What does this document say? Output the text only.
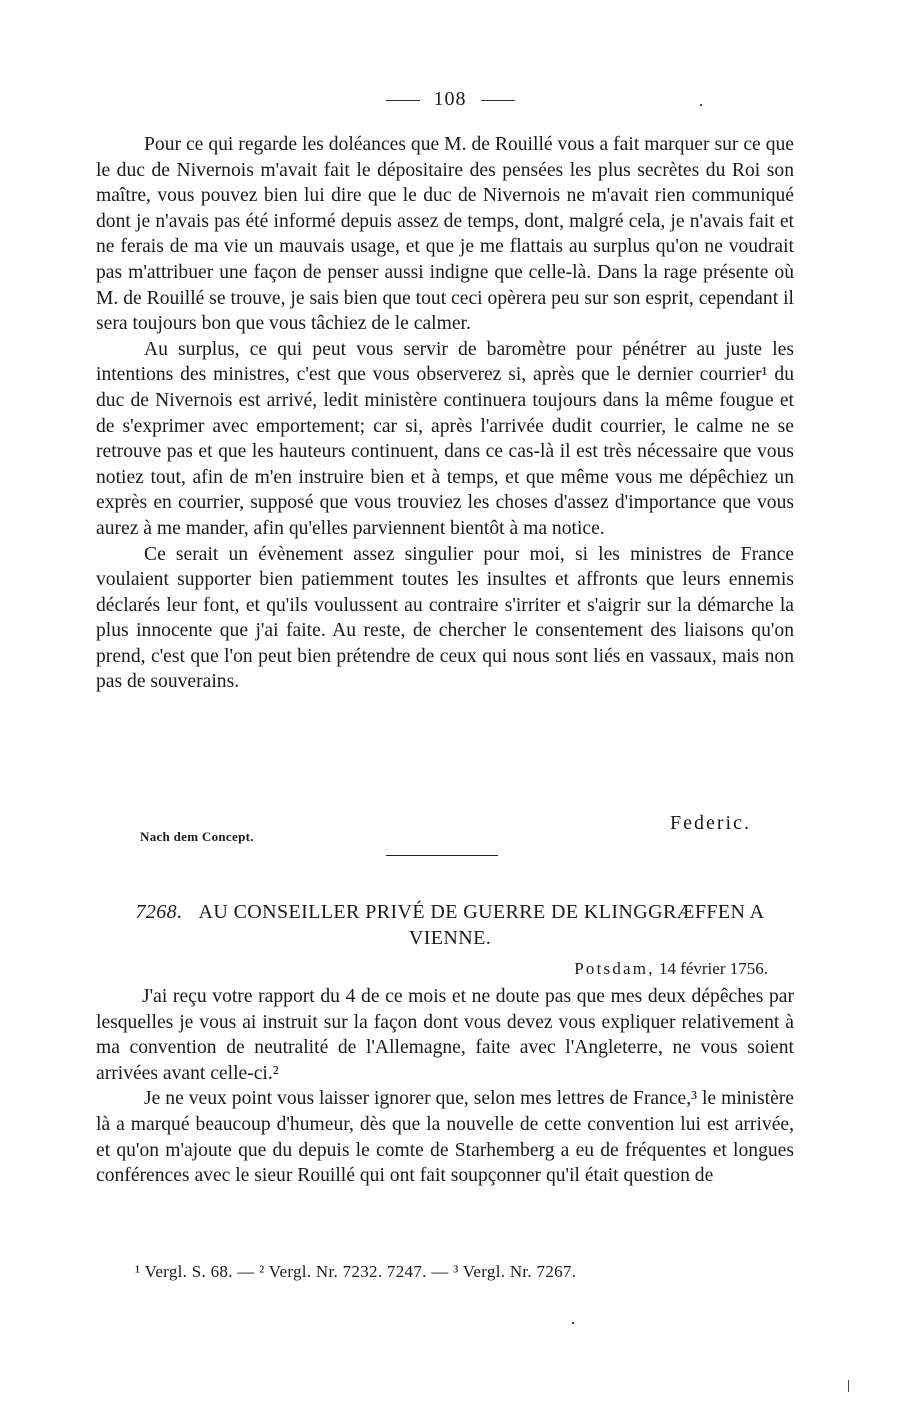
108

Pour ce qui regarde les doléances que M. de Rouillé vous a fait marquer sur ce que le duc de Nivernois m'avait fait le dépositaire des pensées les plus secrètes du Roi son maître, vous pouvez bien lui dire que le duc de Nivernois ne m'avait rien communiqué dont je n'avais pas été informé depuis assez de temps, dont, malgré cela, je n'avais fait et ne ferais de ma vie un mauvais usage, et que je me flattais au surplus qu'on ne voudrait pas m'attribuer une façon de penser aussi indigne que celle-là. Dans la rage présente où M. de Rouillé se trouve, je sais bien que tout ceci opèrera peu sur son esprit, cependant il sera toujours bon que vous tâchiez de le calmer.

Au surplus, ce qui peut vous servir de baromètre pour pénétrer au juste les intentions des ministres, c'est que vous observerez si, après que le dernier courrier¹ du duc de Nivernois est arrivé, ledit ministère continuera toujours dans la même fougue et de s'exprimer avec emportement; car si, après l'arrivée dudit courrier, le calme ne se retrouve pas et que les hauteurs continuent, dans ce cas-là il est très nécessaire que vous notiez tout, afin de m'en instruire bien et à temps, et que même vous me dépêchiez un exprès en courrier, supposé que vous trouviez les choses d'assez d'importance que vous aurez à me mander, afin qu'elles parviennent bientôt à ma notice.

Ce serait un évènement assez singulier pour moi, si les ministres de France voulaient supporter bien patiemment toutes les insultes et affronts que leurs ennemis déclarés leur font, et qu'ils voulussent au contraire s'irriter et s'aigrir sur la démarche la plus innocente que j'ai faite. Au reste, de chercher le consentement des liaisons qu'on prend, c'est que l'on peut bien prétendre de ceux qui nous sont liés en vassaux, mais non pas de souverains.

Federic.
Nach dem Concept.
7268. AU CONSEILLER PRIVÉ DE GUERRE DE KLINGGRÆFFEN A VIENNE.
Potsdam, 14 février 1756.

J'ai reçu votre rapport du 4 de ce mois et ne doute pas que mes deux dépêches par lesquelles je vous ai instruit sur la façon dont vous devez vous expliquer relativement à ma convention de neutralité de l'Allemagne, faite avec l'Angleterre, ne vous soient arrivées avant celle-ci.²

Je ne veux point vous laisser ignorer que, selon mes lettres de France,³ le ministère là a marqué beaucoup d'humeur, dès que la nouvelle de cette convention lui est arrivée, et qu'on m'ajoute que du depuis le comte de Starhemberg a eu de fréquentes et longues conférences avec le sieur Rouillé qui ont fait soupçonner qu'il était question de

¹ Vergl. S. 68. — ² Vergl. Nr. 7232. 7247. — ³ Vergl. Nr. 7267.
